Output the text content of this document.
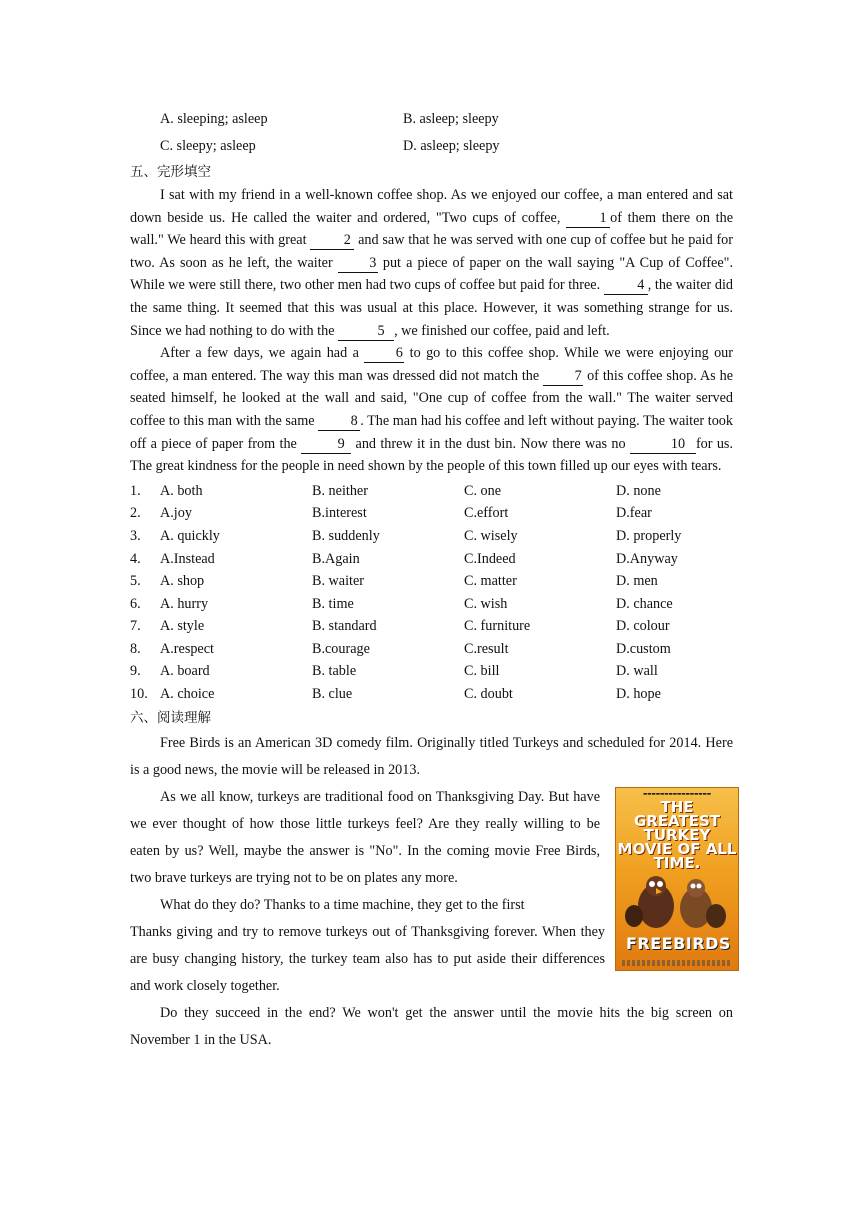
A. sleeping; asleep	B. asleep; sleepy
C. sleepy; asleep	D. asleep; sleepy
五、完形填空

I sat with my friend in a well-known coffee shop. As we enjoyed our coffee, a man entered and sat down beside us. He called the waiter and ordered, "Two cups of coffee, 1 of them there on the wall." We heard this with great 2 and saw that he was served with one cup of coffee but he paid for two. As soon as he left, the waiter 3 put a piece of paper on the wall saying "A Cup of Coffee". While we were still there, two other men had two cups of coffee but paid for three. 4 , the waiter did the same thing. It seemed that this was usual at this place. However, it was something strange for us. Since we had nothing to do with the	5 , we finished our coffee, paid and left.

After a few days, we again had a 6 to go to this coffee shop. While we were enjoying our coffee, a man entered. The way this man was dressed did not match the 7 of this coffee shop. As he seated himself, he looked at the wall and said, "One cup of coffee from the wall." The waiter served coffee to this man with the same 8 . The man had his coffee and left without paying. The waiter took off a piece of paper from the	9 and threw it in the dust bin. Now there was no	10 for us. The great kindness for the people in need shown by the people of this town filled up our eyes with tears.

1.	A. both	B. neither	C. one	D. none
2.	A.joy	B.interest	C.effort	D.fear
3.	A. quickly	B. suddenly	C. wisely	D. properly
4.	A.Instead	B.Again	C.Indeed	D.Anyway
5.	A. shop	B. waiter	C. matter	D. men
6.	A. hurry	B. time	C. wish	D. chance
7.	A. style	B. standard	C. furniture	D. colour
8.	A.respect	B.courage	C.result	D.custom
9.	A. board	B. table	C. bill	D. wall
10. A. choice	B. clue	C. doubt	D. hope
六、阅读理解

Free Birds is an American 3D comedy film. Originally titled Turkeys and scheduled for 2014. Here is a good news, the movie will be released in 2013.

▬▬▬▬▬▬▬▬▬▬▬▬▬▬▬▬
THE GREATEST TURKEY MOVIE OF ALL TIME.
FREEBIRDS

As we all know, turkeys are traditional food on Thanksgiving Day. But have we ever thought of how those little turkeys feel? Are they really willing to be eaten by us? Well, maybe the answer is "No". In the coming movie Free Birds, two brave turkeys are trying not to be on plates any more.

What do they do? Thanks to a time machine, they get to the first

Thanks giving and try to remove turkeys out of Thanksgiving forever. When they are busy changing history, the turkey team also has to put aside their differences and work closely together.

Do they succeed in the end? We won't get the answer until the movie hits the big screen on November 1 in the USA.
